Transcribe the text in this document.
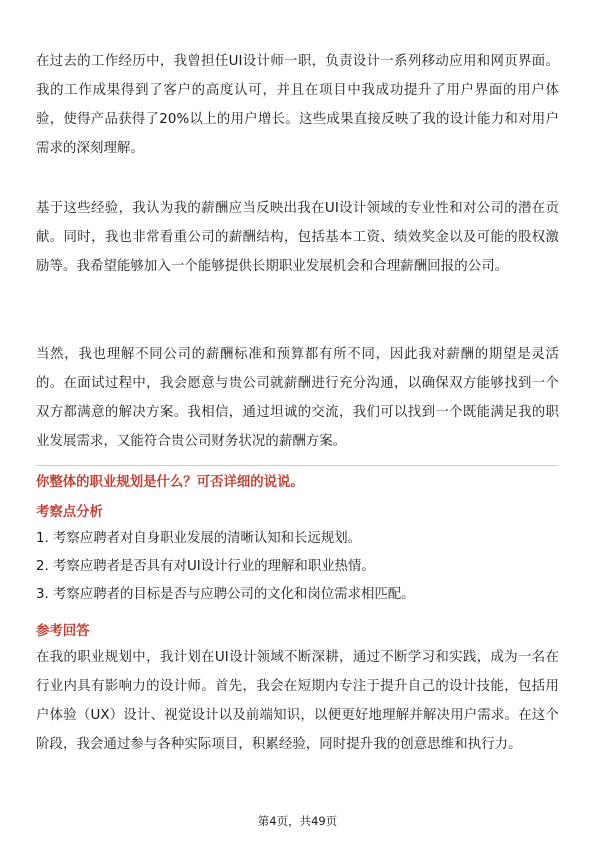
在过去的工作经历中，我曾担任UI设计师一职，负责设计一系列移动应用和网页界面。我的工作成果得到了客户的高度认可，并且在项目中我成功提升了用户界面的用户体验，使得产品获得了20%以上的用户增长。这些成果直接反映了我的设计能力和对用户需求的深刻理解。

基于这些经验，我认为我的薪酬应当反映出我在UI设计领域的专业性和对公司的潜在贡献。同时，我也非常看重公司的薪酬结构，包括基本工资、绩效奖金以及可能的股权激励等。我希望能够加入一个能够提供长期职业发展机会和合理薪酬回报的公司。

当然，我也理解不同公司的薪酬标准和预算都有所不同，因此我对薪酬的期望是灵活的。在面试过程中，我会愿意与贵公司就薪酬进行充分沟通，以确保双方能够找到一个双方都满意的解决方案。我相信，通过坦诚的交流，我们可以找到一个既能满足我的职业发展需求，又能符合贵公司财务状况的薪酬方案。

你整体的职业规划是什么？可否详细的说说。

考察点分析

1. 考察应聘者对自身职业发展的清晰认知和长远规划。
2. 考察应聘者是否具有对UI设计行业的理解和职业热情。
3. 考察应聘者的目标是否与应聘公司的文化和岗位需求相匹配。

参考回答

在我的职业规划中，我计划在UI设计领域不断深耕，通过不断学习和实践，成为一名在行业内具有影响力的设计师。首先，我会在短期内专注于提升自己的设计技能，包括用户体验（UX）设计、视觉设计以及前端知识，以便更好地理解并解决用户需求。在这个阶段，我会通过参与各种实际项目，积累经验，同时提升我的创意思维和执行力。

第4页，共49页
